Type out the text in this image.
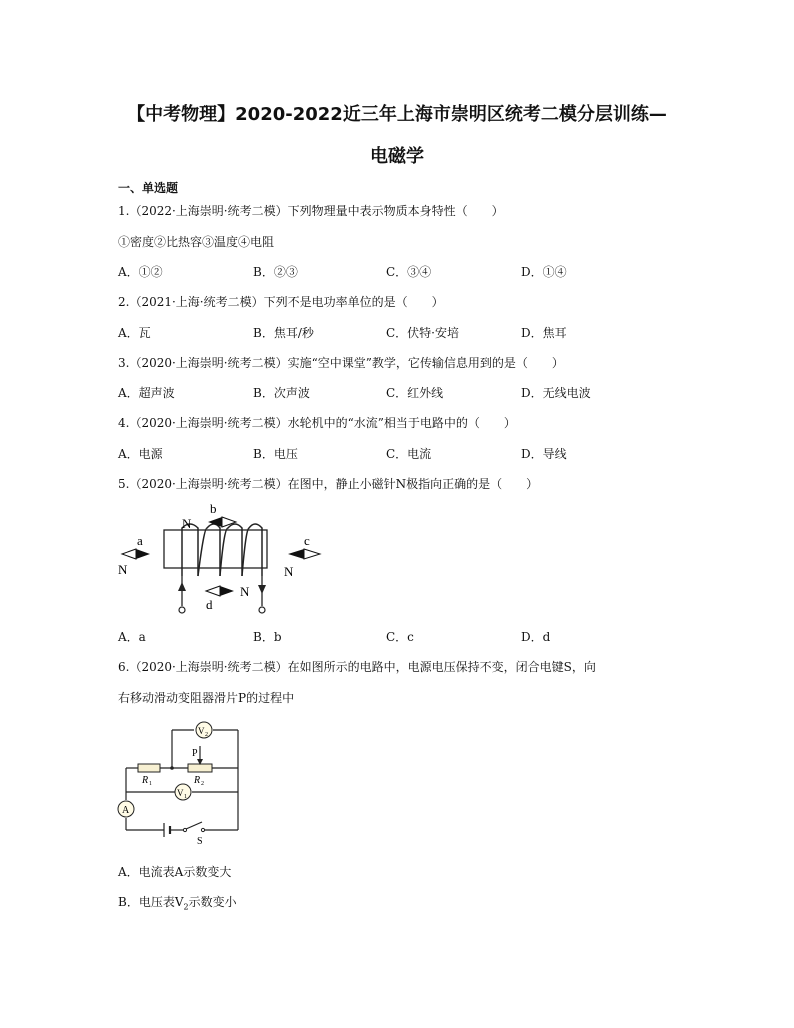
【中考物理】2020-2022近三年上海市崇明区统考二模分层训练—
电磁学
一、单选题
1.（2022·上海崇明·统考二模）下列物理量中表示物质本身特性（　　）
①密度②比热容③温度④电阻
A．①②	B．②③	C．③④	D．①④
2.（2021·上海·统考二模）下列不是电功率单位的是（　　）
A．瓦	B．焦耳/秒	C．伏特·安培	D．焦耳
3.（2020·上海崇明·统考二模）实施“空中课堂”教学，它传输信息用到的是（　　）
A．超声波	B．次声波	C．红外线	D．无线电波
4.（2020·上海崇明·统考二模）水轮机中的“水流”相当于电路中的（　　）
A．电源	B．电压	C．电流	D．导线
5.（2020·上海崇明·统考二模）在图中，静止小磁针N极指向正确的是（　　）
b
N
a
N
c
N
d
N
A．a	B．b	C．c	D．d
6.（2020·上海崇明·统考二模）在如图所示的电路中，电源电压保持不变，闭合电键S，向
右移动滑动变阻器滑片P的过程中
V 2
V 1
A
P
R 1	R 2
S
A．电流表A示数变大
B．电压表$V_2$示数变小
